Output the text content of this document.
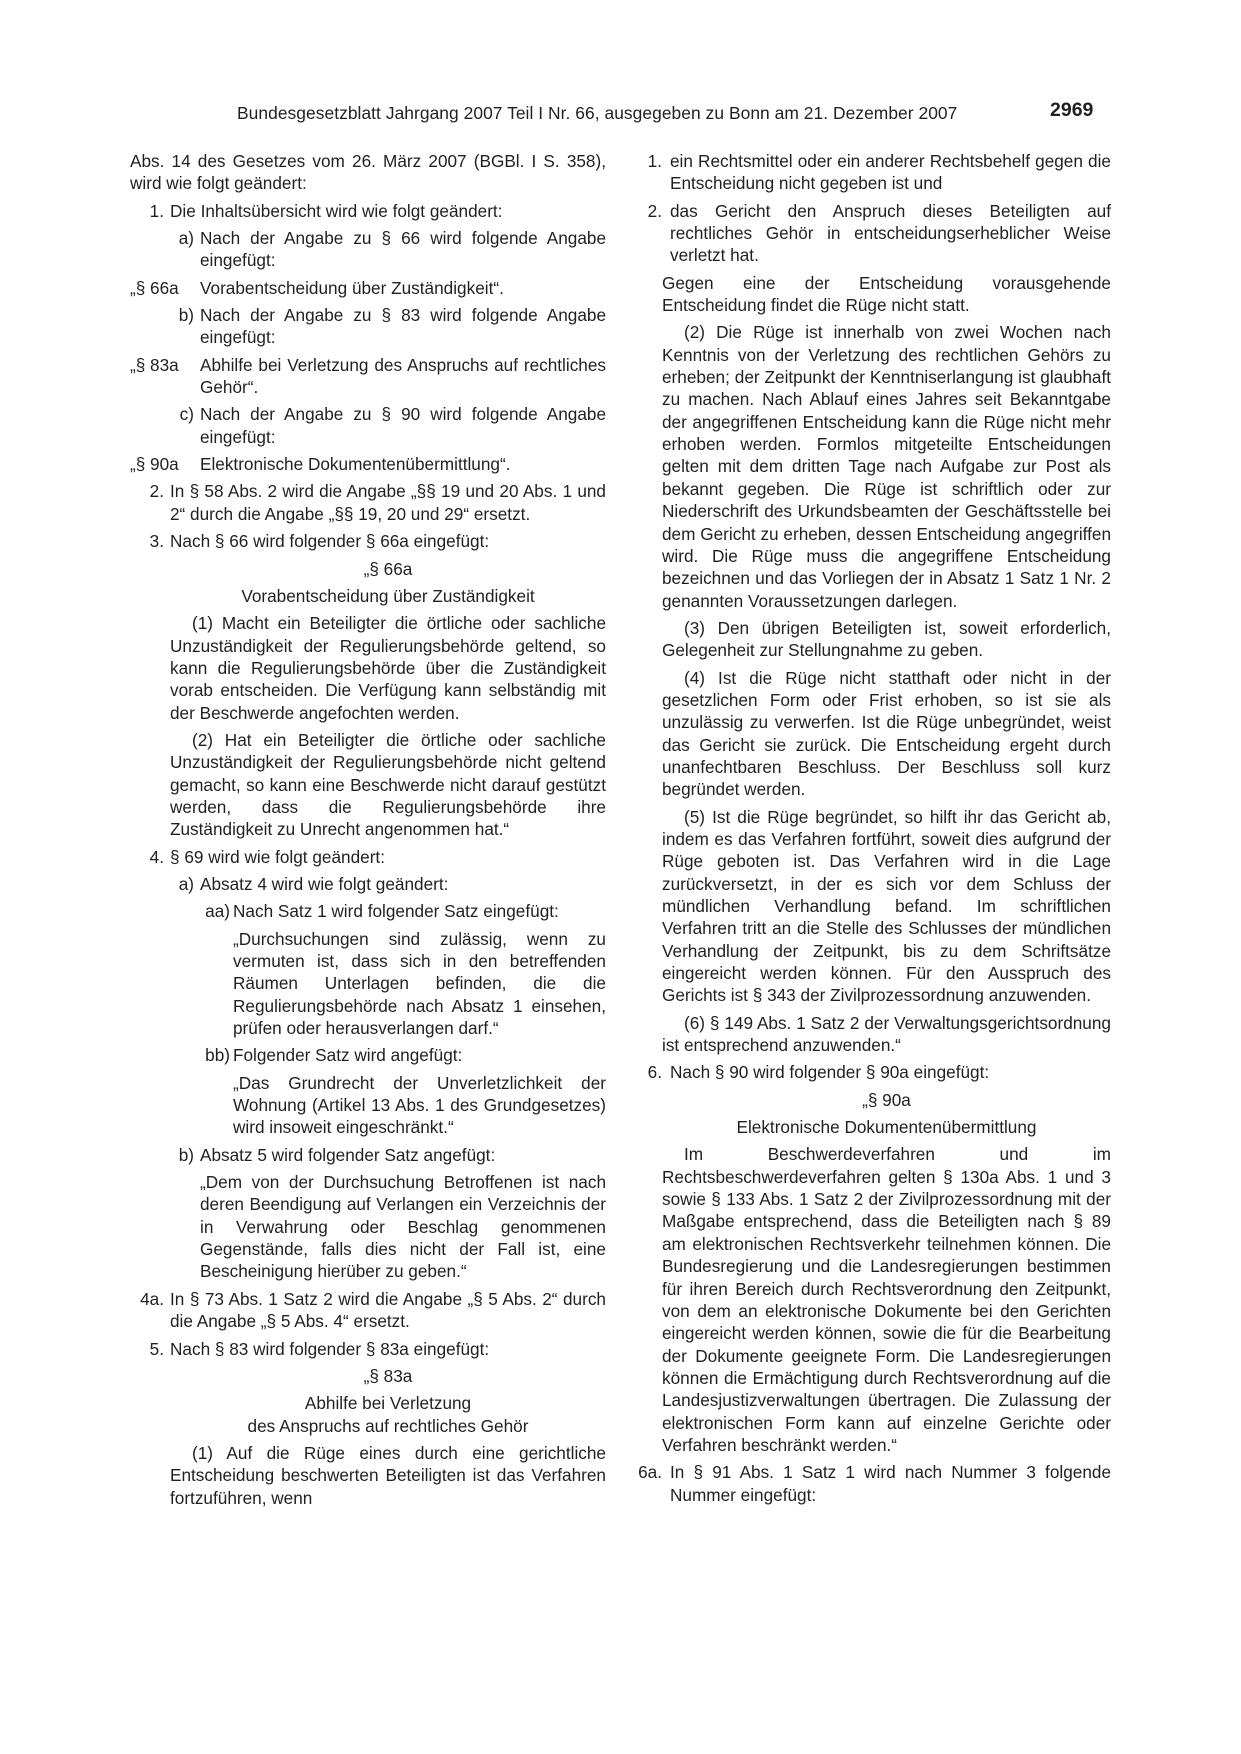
Bundesgesetzblatt Jahrgang 2007 Teil I Nr. 66, ausgegeben zu Bonn am 21. Dezember 2007	2969

Abs. 14 des Gesetzes vom 26. März 2007 (BGBl. I S. 358), wird wie folgt geändert:

1. Die Inhaltsübersicht wird wie folgt geändert:
a) Nach der Angabe zu § 66 wird folgende Angabe eingefügt:
„§ 66a	Vorabentscheidung über Zuständigkeit“.
b) Nach der Angabe zu § 83 wird folgende Angabe eingefügt:
„§ 83a	Abhilfe bei Verletzung des Anspruchs auf rechtliches Gehör“.
c) Nach der Angabe zu § 90 wird folgende Angabe eingefügt:
„§ 90a	Elektronische Dokumentenübermittlung“.
2. In § 58 Abs. 2 wird die Angabe „§§ 19 und 20 Abs. 1 und 2“ durch die Angabe „§§ 19, 20 und 29“ ersetzt.
3. Nach § 66 wird folgender § 66a eingefügt:
„§ 66a
Vorabentscheidung über Zuständigkeit

(1) Macht ein Beteiligter die örtliche oder sachliche Unzuständigkeit der Regulierungsbehörde geltend, so kann die Regulierungsbehörde über die Zuständigkeit vorab entscheiden. Die Verfügung kann selbständig mit der Beschwerde angefochten werden.

(2) Hat ein Beteiligter die örtliche oder sachliche Unzuständigkeit der Regulierungsbehörde nicht geltend gemacht, so kann eine Beschwerde nicht darauf gestützt werden, dass die Regulierungsbehörde ihre Zuständigkeit zu Unrecht angenommen hat.“

4. § 69 wird wie folgt geändert:
a) Absatz 4 wird wie folgt geändert:
aa) Nach Satz 1 wird folgender Satz eingefügt:

„Durchsuchungen sind zulässig, wenn zu vermuten ist, dass sich in den betreffenden Räumen Unterlagen befinden, die die Regulierungsbehörde nach Absatz 1 einsehen, prüfen oder herausverlangen darf.“

bb) Folgender Satz wird angefügt:

„Das Grundrecht der Unverletzlichkeit der Wohnung (Artikel 13 Abs. 1 des Grundgesetzes) wird insoweit eingeschränkt.“

b) Absatz 5 wird folgender Satz angefügt:

„Dem von der Durchsuchung Betroffenen ist nach deren Beendigung auf Verlangen ein Verzeichnis der in Verwahrung oder Beschlag genommenen Gegenstände, falls dies nicht der Fall ist, eine Bescheinigung hierüber zu geben.“

4a. In § 73 Abs. 1 Satz 2 wird die Angabe „§ 5 Abs. 2“ durch die Angabe „§ 5 Abs. 4“ ersetzt.
5. Nach § 83 wird folgender § 83a eingefügt:
„§ 83a
Abhilfe bei Verletzung
des Anspruchs auf rechtliches Gehör

(1) Auf die Rüge eines durch eine gerichtliche Entscheidung beschwerten Beteiligten ist das Verfahren fortzuführen, wenn

1. ein Rechtsmittel oder ein anderer Rechtsbehelf gegen die Entscheidung nicht gegeben ist und
2. das Gericht den Anspruch dieses Beteiligten auf rechtliches Gehör in entscheidungserheblicher Weise verletzt hat.

Gegen eine der Entscheidung vorausgehende Entscheidung findet die Rüge nicht statt.

(2) Die Rüge ist innerhalb von zwei Wochen nach Kenntnis von der Verletzung des rechtlichen Gehörs zu erheben; der Zeitpunkt der Kenntniserlangung ist glaubhaft zu machen. Nach Ablauf eines Jahres seit Bekanntgabe der angegriffenen Entscheidung kann die Rüge nicht mehr erhoben werden. Formlos mitgeteilte Entscheidungen gelten mit dem dritten Tage nach Aufgabe zur Post als bekannt gegeben. Die Rüge ist schriftlich oder zur Niederschrift des Urkundsbeamten der Geschäftsstelle bei dem Gericht zu erheben, dessen Entscheidung angegriffen wird. Die Rüge muss die angegriffene Entscheidung bezeichnen und das Vorliegen der in Absatz 1 Satz 1 Nr. 2 genannten Voraussetzungen darlegen.

(3) Den übrigen Beteiligten ist, soweit erforderlich, Gelegenheit zur Stellungnahme zu geben.

(4) Ist die Rüge nicht statthaft oder nicht in der gesetzlichen Form oder Frist erhoben, so ist sie als unzulässig zu verwerfen. Ist die Rüge unbegründet, weist das Gericht sie zurück. Die Entscheidung ergeht durch unanfechtbaren Beschluss. Der Beschluss soll kurz begründet werden.

(5) Ist die Rüge begründet, so hilft ihr das Gericht ab, indem es das Verfahren fortführt, soweit dies aufgrund der Rüge geboten ist. Das Verfahren wird in die Lage zurückversetzt, in der es sich vor dem Schluss der mündlichen Verhandlung befand. Im schriftlichen Verfahren tritt an die Stelle des Schlusses der mündlichen Verhandlung der Zeitpunkt, bis zu dem Schriftsätze eingereicht werden können. Für den Ausspruch des Gerichts ist § 343 der Zivilprozessordnung anzuwenden.

(6) § 149 Abs. 1 Satz 2 der Verwaltungsgerichtsordnung ist entsprechend anzuwenden.“

6. Nach § 90 wird folgender § 90a eingefügt:
„§ 90a
Elektronische Dokumentenübermittlung

Im Beschwerdeverfahren und im Rechtsbeschwerdeverfahren gelten § 130a Abs. 1 und 3 sowie § 133 Abs. 1 Satz 2 der Zivilprozessordnung mit der Maßgabe entsprechend, dass die Beteiligten nach § 89 am elektronischen Rechtsverkehr teilnehmen können. Die Bundesregierung und die Landesregierungen bestimmen für ihren Bereich durch Rechtsverordnung den Zeitpunkt, von dem an elektronische Dokumente bei den Gerichten eingereicht werden können, sowie die für die Bearbeitung der Dokumente geeignete Form. Die Landesregierungen können die Ermächtigung durch Rechtsverordnung auf die Landesjustizverwaltungen übertragen. Die Zulassung der elektronischen Form kann auf einzelne Gerichte oder Verfahren beschränkt werden.“

6a. In § 91 Abs. 1 Satz 1 wird nach Nummer 3 folgende Nummer eingefügt:
